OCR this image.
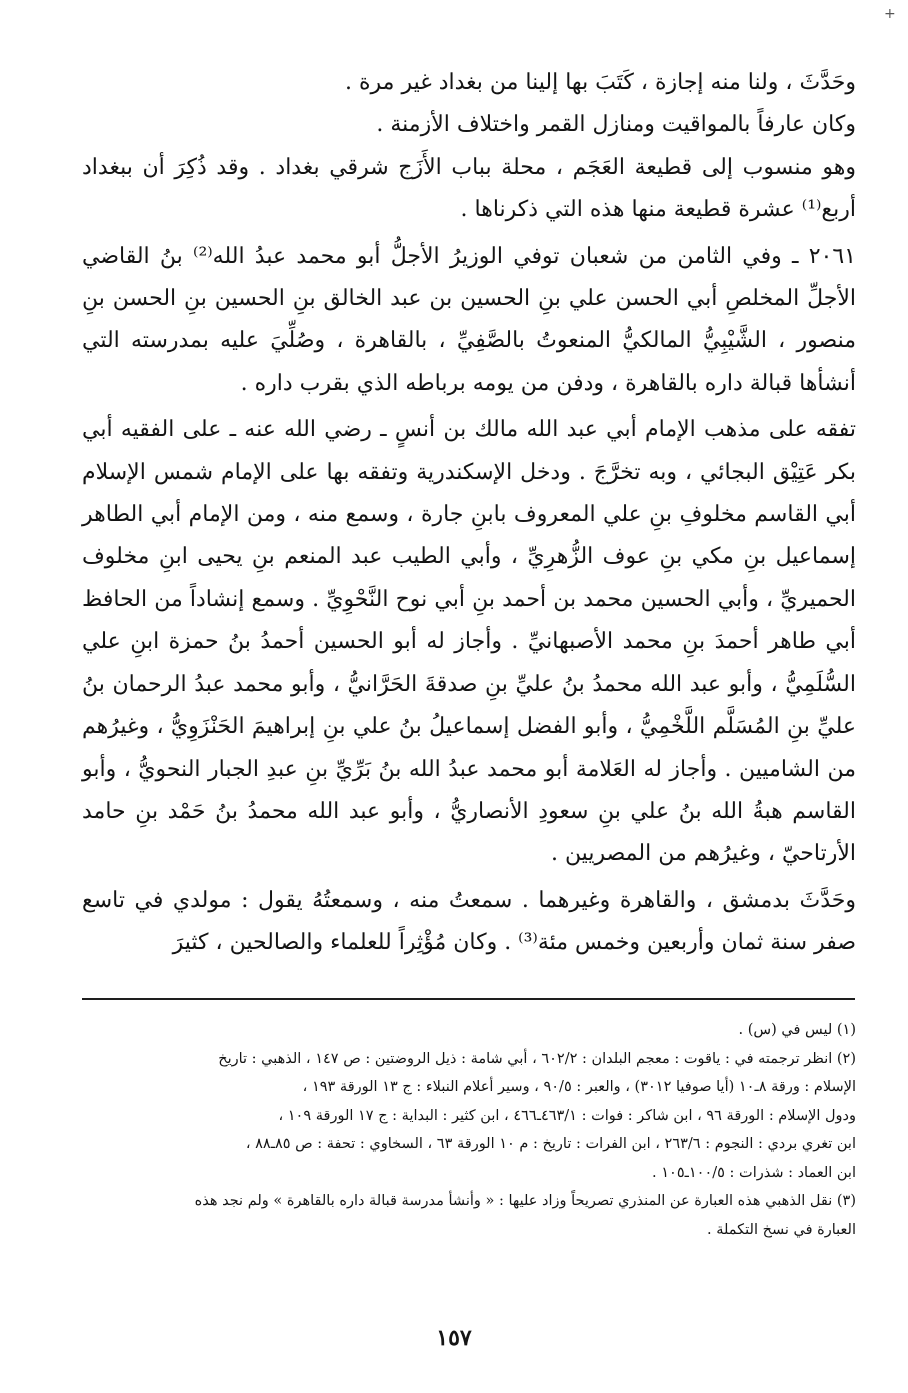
+

وحَدَّثَ ، ولنا منه إجازة ، كَتَبَ بها إلينا من بغداد غير مرة .

وكان عارفاً بالمواقيت ومنازل القمر واختلاف الأزمنة .

وهو منسوب إلى قطيعة العَجَم ، محلة بباب الأَزَج شرقي بغداد . وقد ذُكِرَ أن ببغداد أربع⁽¹⁾ عشرة قطيعة منها هذه التي ذكرناها .

٢٠٦١ ـ وفي الثامن من شعبان توفي الوزيرُ الأجلُّ أبو محمد عبدُ الله⁽²⁾ بنُ القاضي الأجلِّ المخلصِ أبي الحسن علي بنِ الحسين بن عبد الخالق بنِ الحسين بنِ الحسن بنِ منصور ، الشَّيْبِيُّ المالكيُّ المنعوتُ بالصَّفِيِّ ، بالقاهرة ، وصُلِّيَ عليه بمدرسته التي أنشأها قبالة داره بالقاهرة ، ودفن من يومه برباطه الذي بقرب داره .

تفقه على مذهب الإمام أبي عبد الله مالك بن أنسٍ ـ رضي الله عنه ـ على الفقيه أبي بكر عَتِيْق البجائي ، وبه تخرَّجَ . ودخل الإسكندرية وتفقه بها على الإمام شمس الإسلام أبي القاسم مخلوفِ بنِ علي المعروف بابنِ جارة ، وسمع منه ، ومن الإمام أبي الطاهر إسماعيل بنِ مكي بنِ عوف الزُّهرِيِّ ، وأبي الطيب عبد المنعم بنِ يحيى ابنِ مخلوف الحميريِّ ، وأبي الحسين محمد بن أحمد بنِ أبي نوح النَّحْوِيِّ . وسمع إنشاداً من الحافظ أبي طاهر أحمدَ بنِ محمد الأصبهانيِّ . وأجاز له أبو الحسين أحمدُ بنُ حمزة ابنِ علي السُّلَمِيُّ ، وأبو عبد الله محمدُ بنُ عليِّ بنِ صدقةَ الحَرَّانيُّ ، وأبو محمد عبدُ الرحمان بنُ عليِّ بنِ المُسَلَّم اللَّخْمِيُّ ، وأبو الفضل إسماعيلُ بنُ علي بنِ إبراهيمَ الحَنْزَوِيُّ ، وغيرُهم من الشاميين . وأجاز له العَلامة أبو محمد عبدُ الله بنُ بَرِّيِّ بنِ عبدِ الجبار النحويُّ ، وأبو القاسم هبةُ الله بنُ علي بنِ سعودِ الأنصاريُّ ، وأبو عبد الله محمدُ بنُ حَمْد بنِ حامد الأرتاحيّ ، وغيرُهم من المصريين .

وحَدَّثَ بدمشق ، والقاهرة وغيرهما . سمعتُ منه ، وسمعتُهُ يقول : مولدي في تاسع صفر سنة ثمان وأربعين وخمس مئة⁽³⁾ . وكان مُؤْثِراً للعلماء والصالحين ، كثيرَ

(١) ليس في (س) .

(٢) انظر ترجمته في : ياقوت : معجم البلدان : ٦٠٢/٢ ، أبي شامة : ذيل الروضتين : ص ١٤٧ ، الذهبي : تاريخ

الإسلام : ورقة ٨ـ١٠ (أيا صوفيا ٣٠١٢) ، والعبر : ٩٠/٥ ، وسير أعلام النبلاء : ج ١٣ الورقة ١٩٣ ،

ودول الإسلام : الورقة ٩٦ ، ابن شاكر : فوات : ٤٦٣/١ـ٤٦٦ ، ابن كثير : البداية : ج ١٧ الورقة ١٠٩ ،

ابن تغري بردي : النجوم : ٢٦٣/٦ ، ابن الفرات : تاريخ : م ١٠ الورقة ٦٣ ، السخاوي : تحفة : ص ٨٥ـ٨٨ ،

ابن العماد : شذرات : ١٠٠/٥ـ١٠٥ .

(٣) نقل الذهبي هذه العبارة عن المنذري تصريحاً وزاد عليها : « وأنشأ مدرسة قبالة داره بالقاهرة » ولم نجد هذه

العبارة في نسخ التكملة .

١٥٧
